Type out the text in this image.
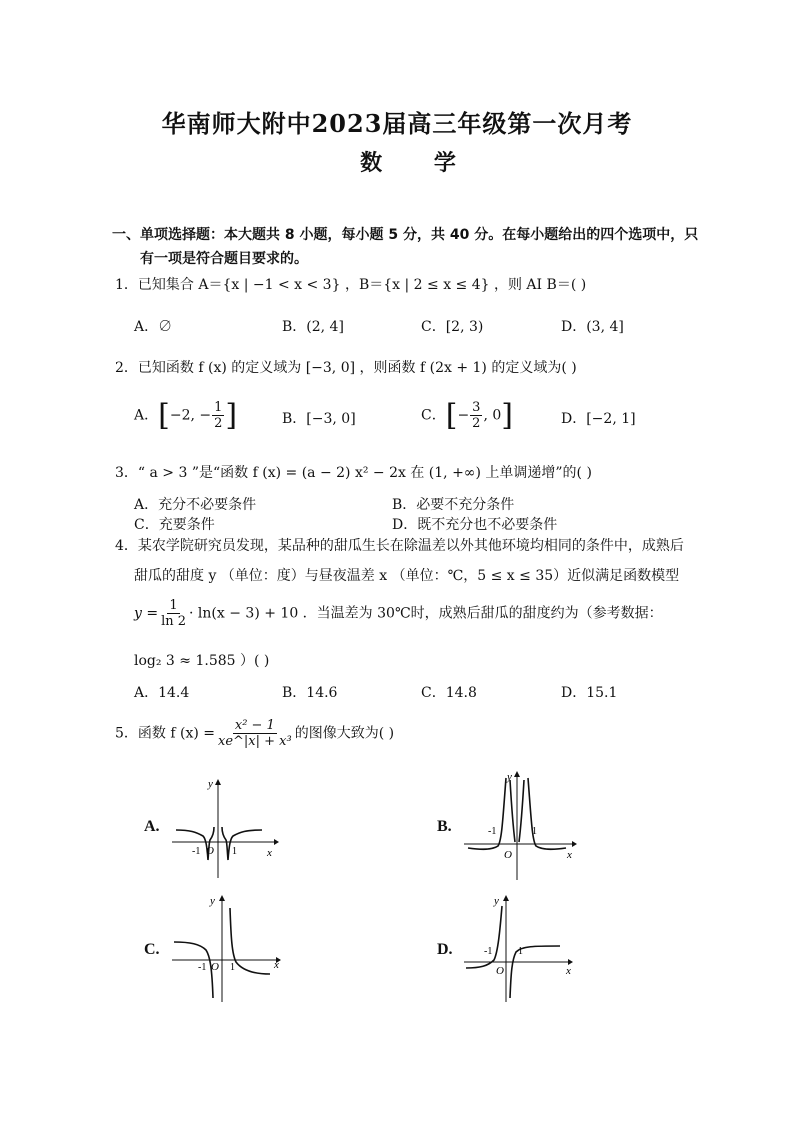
华南师大附中2023届高三年级第一次月考
数 学
一、单项选择题：本大题共 8 小题，每小题 5 分，共 40 分。在每小题给出的四个选项中，只
有一项是符合题目要求的。
1．已知集合 A＝{x | −1 < x < 3} ，B＝{x | 2 ≤ x ≤ 4} ，则 AI B＝( )
A．∅	B．(2, 4]	C．[2, 3)	D．(3, 4]
2．已知函数 f (x) 的定义域为 [−3, 0] ，则函数 f (2x + 1) 的定义域为( )
A．[−2, − $\frac{1}{2}$ ]	B．[−3, 0]	C．[− $\frac{3}{2}$ , 0]	D．[−2, 1]
3．“ a > 3 ”是“函数 f (x) = (a − 2) x² − 2x 在 (1, +∞) 上单调递增”的( )
A．充分不必要条件	B．必要不充分条件
C．充要条件	D．既不充分也不必要条件
4．某农学院研究员发现，某品种的甜瓜生长在除温差以外其他环境均相同的条件中，成熟后
甜瓜的甜度 y （单位：度）与昼夜温差 x （单位：℃，5 ≤ x ≤ 35）近似满足函数模型
$y = \frac{1}{\ln 2} \cdot \ln(x - 3) + 10$ ．当温差为 30℃时，成熟后甜瓜的甜度约为（参考数据：
log₂ 3 ≈ 1.585 ）( )
A．14.4	B．14.6	C．14.8	D．15.1
5．函数 f $(x) = \frac{\text{x² − 1}}{\text{xe\textasciicircum{}|x| + x³}}$ 的图像大致为( )
A.
y
x
O
-1	1
B.
y
x
O
-1	1
C.
y
x
O
-1 1
D.
y
x
O
-1	1
